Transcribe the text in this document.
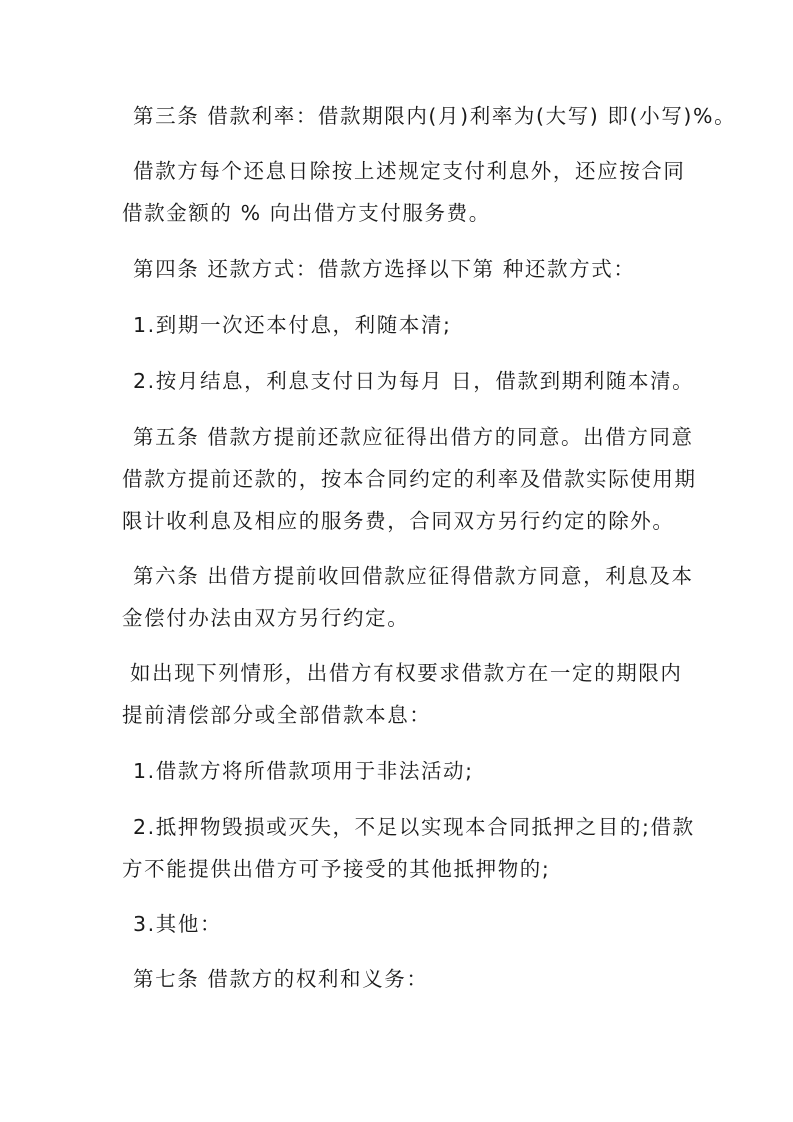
第三条 借款利率：借款期限内(月)利率为(大写) 即(小写)%。
借款方每个还息日除按上述规定支付利息外，还应按合同
借款金额的 % 向出借方支付服务费。
第四条 还款方式：借款方选择以下第 种还款方式：
1.到期一次还本付息，利随本清;
2.按月结息，利息支付日为每月 日，借款到期利随本清。
第五条 借款方提前还款应征得出借方的同意。出借方同意
借款方提前还款的，按本合同约定的利率及借款实际使用期
限计收利息及相应的服务费，合同双方另行约定的除外。
第六条 出借方提前收回借款应征得借款方同意，利息及本
金偿付办法由双方另行约定。
如出现下列情形，出借方有权要求借款方在一定的期限内
提前清偿部分或全部借款本息：
1.借款方将所借款项用于非法活动;
2.抵押物毁损或灭失，不足以实现本合同抵押之目的;借款
方不能提供出借方可予接受的其他抵押物的;
3.其他：
第七条 借款方的权利和义务：
